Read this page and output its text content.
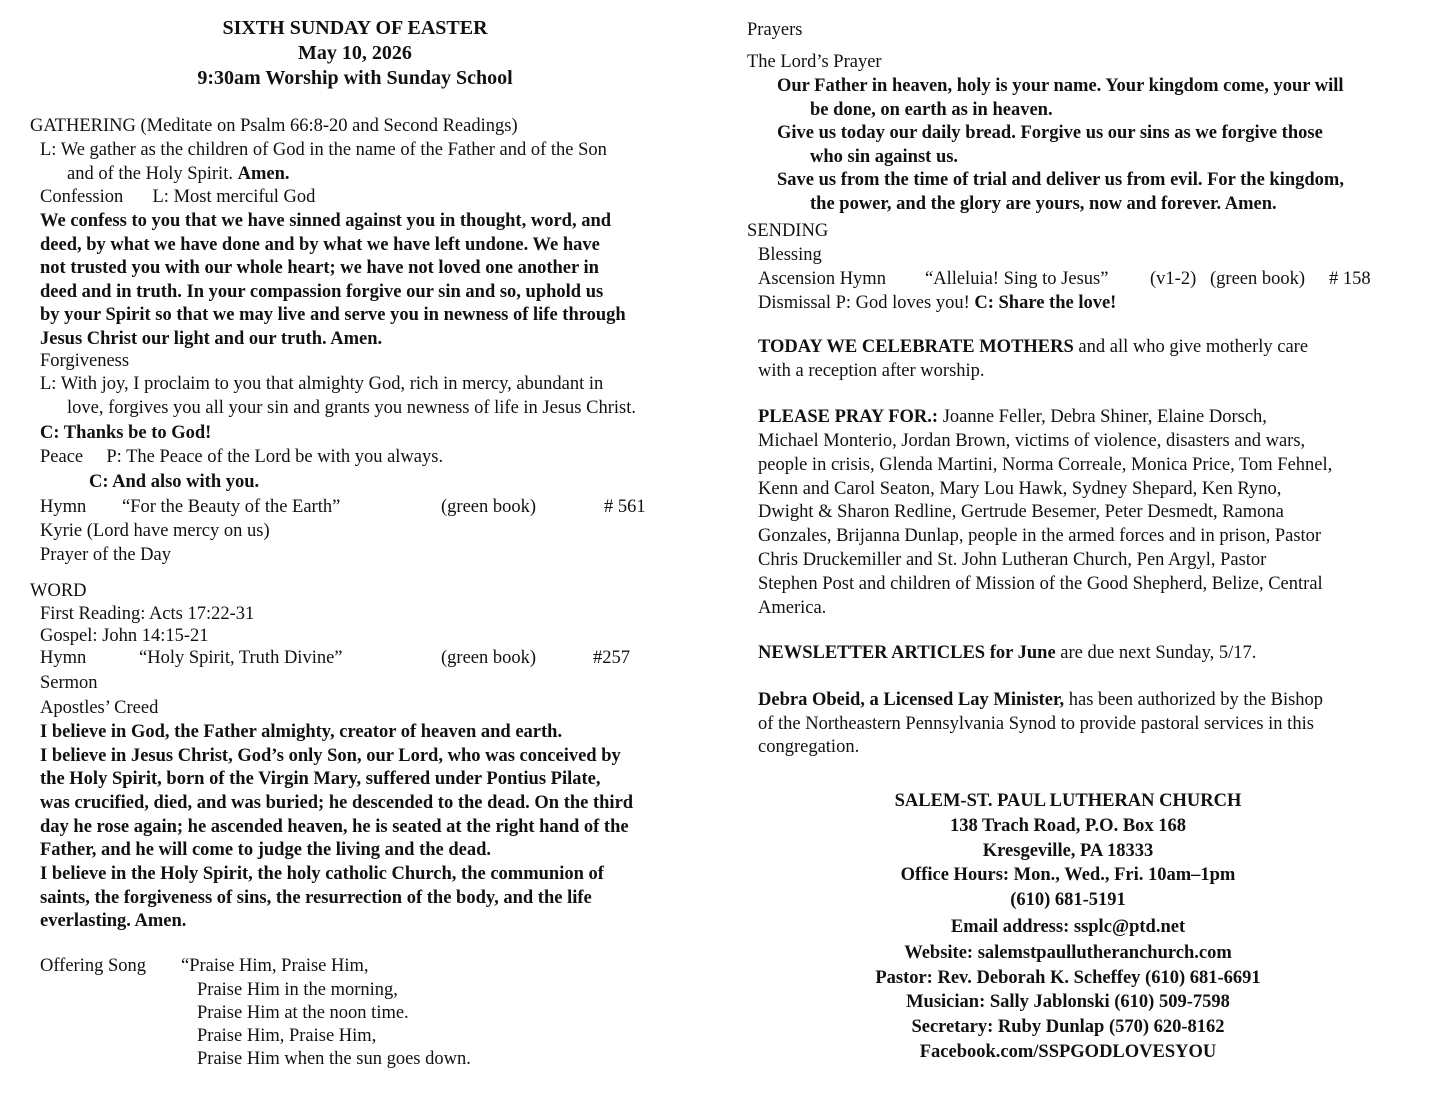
SIXTH SUNDAY OF EASTER
May 10, 2026
9:30am Worship with Sunday School
GATHERING (Meditate on Psalm 66:8-20 and Second Readings)
L: We gather as the children of God in the name of the Father and of the Son
and of the Holy Spirit. Amen.
Confession L: Most merciful God
We confess to you that we have sinned against you in thought, word, and
deed, by what we have done and by what we have left undone. We have
not trusted you with our whole heart; we have not loved one another in
deed and in truth. In your compassion forgive our sin and so, uphold us
by your Spirit so that we may live and serve you in newness of life through
Jesus Christ our light and our truth. Amen.
Forgiveness
L: With joy, I proclaim to you that almighty God, rich in mercy, abundant in
love, forgives you all your sin and grants you newness of life in Jesus Christ.
C: Thanks be to God!
Peace P: The Peace of the Lord be with you always.
C: And also with you.
Hymn “For the Beauty of the Earth”	(green book)	# 561
Kyrie (Lord have mercy on us)
Prayer of the Day
WORD
First Reading: Acts 17:22-31
Gospel: John 14:15-21
Hymn	“Holy Spirit, Truth Divine”	(green book)	#257
Sermon
Apostles’ Creed
I believe in God, the Father almighty, creator of heaven and earth.
I believe in Jesus Christ, God’s only Son, our Lord, who was conceived by
the Holy Spirit, born of the Virgin Mary, suffered under Pontius Pilate,
was crucified, died, and was buried; he descended to the dead. On the third
day he rose again; he ascended heaven, he is seated at the right hand of the
Father, and he will come to judge the living and the dead.
I believe in the Holy Spirit, the holy catholic Church, the communion of
saints, the forgiveness of sins, the resurrection of the body, and the life
everlasting. Amen.
Offering Song “Praise Him, Praise Him,
Praise Him in the morning,
Praise Him at the noon time.
Praise Him, Praise Him,
Praise Him when the sun goes down.
Prayers
The Lord’s Prayer
Our Father in heaven, holy is your name. Your kingdom come, your will
be done, on earth as in heaven.
Give us today our daily bread. Forgive us our sins as we forgive those
who sin against us.
Save us from the time of trial and deliver us from evil. For the kingdom,
the power, and the glory are yours, now and forever. Amen.
SENDING
Blessing
Ascension Hymn “Alleluia! Sing to Jesus” (v1-2) (green book) # 158
Dismissal P: God loves you! C: Share the love!
TODAY WE CELEBRATE MOTHERS and all who give motherly care
with a reception after worship.
PLEASE PRAY FOR.: Joanne Feller, Debra Shiner, Elaine Dorsch,
Michael Monterio, Jordan Brown, victims of violence, disasters and wars,
people in crisis, Glenda Martini, Norma Correale, Monica Price, Tom Fehnel,
Kenn and Carol Seaton, Mary Lou Hawk, Sydney Shepard, Ken Ryno,
Dwight & Sharon Redline, Gertrude Besemer, Peter Desmedt, Ramona
Gonzales, Brijanna Dunlap, people in the armed forces and in prison, Pastor
Chris Druckemiller and St. John Lutheran Church, Pen Argyl, Pastor
Stephen Post and children of Mission of the Good Shepherd, Belize, Central
America.
NEWSLETTER ARTICLES for June are due next Sunday, 5/17.
Debra Obeid, a Licensed Lay Minister, has been authorized by the Bishop
of the Northeastern Pennsylvania Synod to provide pastoral services in this
congregation.
SALEM-ST. PAUL LUTHERAN CHURCH
138 Trach Road, P.O. Box 168
Kresgeville, PA 18333
Office Hours: Mon., Wed., Fri. 10am–1pm
(610) 681-5191
Email address: ssplc@ptd.net
Website: salemstpaullutheranchurch.com
Pastor: Rev. Deborah K. Scheffey (610) 681-6691
Musician: Sally Jablonski (610) 509-7598
Secretary: Ruby Dunlap (570) 620-8162
Facebook.com/SSPGODLOVESYOU
